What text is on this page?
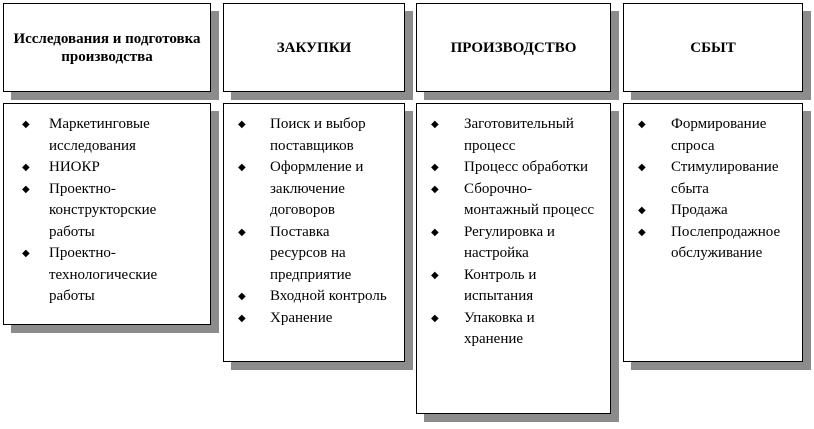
Исследования и подготовка производства
◆ Маркетинговые исследования
◆ НИОКР
◆ Проектно-конструкторские работы
◆ Проектно-технологические работы
ЗАКУПКИ
◆ Поиск и выбор поставщиков
◆ Оформление и заключение договоров
◆ Поставка ресурсов на предприятие
◆ Входной контроль
◆ Хранение
ПРОИЗВОДСТВО
◆ Заготовительный процесс
◆ Процесс обработки
◆ Сборочно-монтажный процесс
◆ Регулировка и настройка
◆ Контроль и испытания
◆ Упаковка и хранение
СБЫТ
◆ Формирование спроса
◆ Стимулирование сбыта
◆ Продажа
◆ Послепродажное обслуживание
